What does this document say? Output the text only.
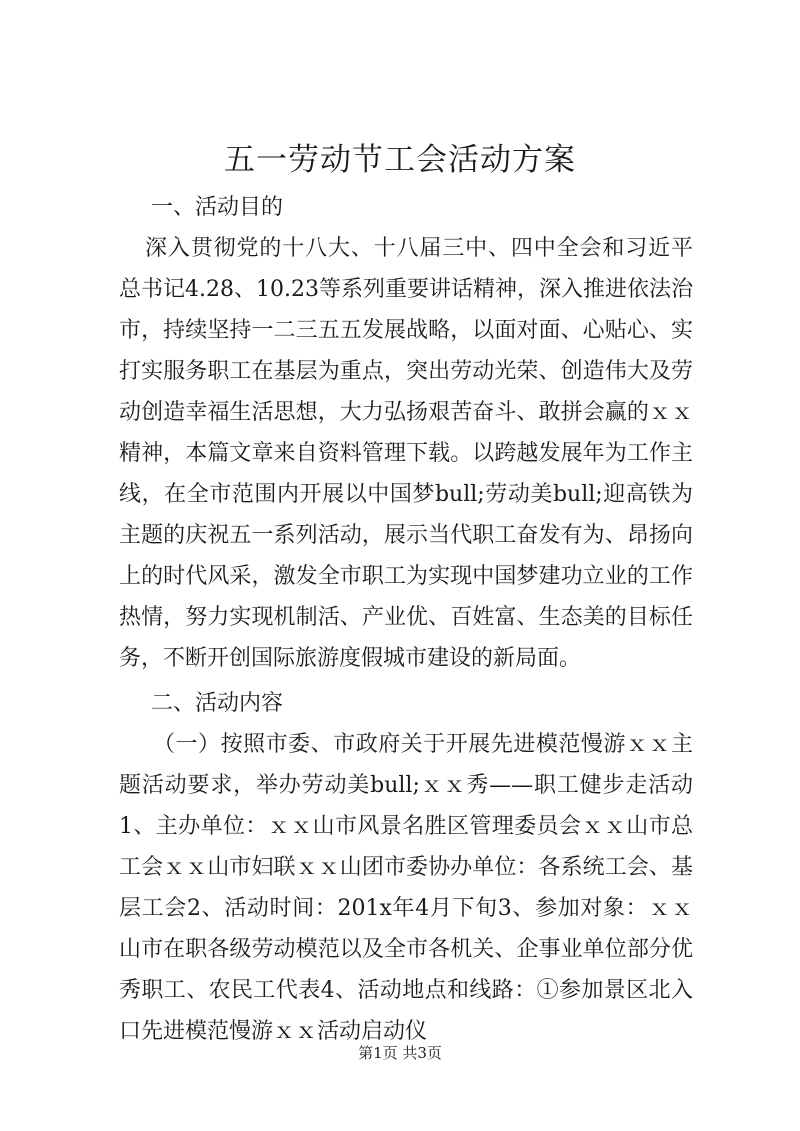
五一劳动节工会活动方案

一、活动目的

深入贯彻党的十八大、十八届三中、四中全会和习近平总书记4.28、10.23等系列重要讲话精神，深入推进依法治市，持续坚持一二三五五发展战略，以面对面、心贴心、实打实服务职工在基层为重点，突出劳动光荣、创造伟大及劳动创造幸福生活思想，大力弘扬艰苦奋斗、敢拼会赢的ｘｘ精神，本篇文章来自资料管理下载。以跨越发展年为工作主线，在全市范围内开展以中国梦bull;劳动美bull;迎高铁为主题的庆祝五一系列活动，展示当代职工奋发有为、昂扬向上的时代风采，激发全市职工为实现中国梦建功立业的工作热情，努力实现机制活、产业优、百姓富、生态美的目标任务，不断开创国际旅游度假城市建设的新局面。

二、活动内容

（一）按照市委、市政府关于开展先进模范慢游ｘｘ主题活动要求，举办劳动美bull;ｘｘ秀——职工健步走活动1、主办单位：ｘｘ山市风景名胜区管理委员会ｘｘ山市总工会ｘｘ山市妇联ｘｘ山团市委协办单位：各系统工会、基层工会2、活动时间：201x年4月下旬3、参加对象：ｘｘ山市在职各级劳动模范以及全市各机关、企事业单位部分优秀职工、农民工代表4、活动地点和线路：①参加景区北入口先进模范慢游ｘｘ活动启动仪

第1页 共3页
